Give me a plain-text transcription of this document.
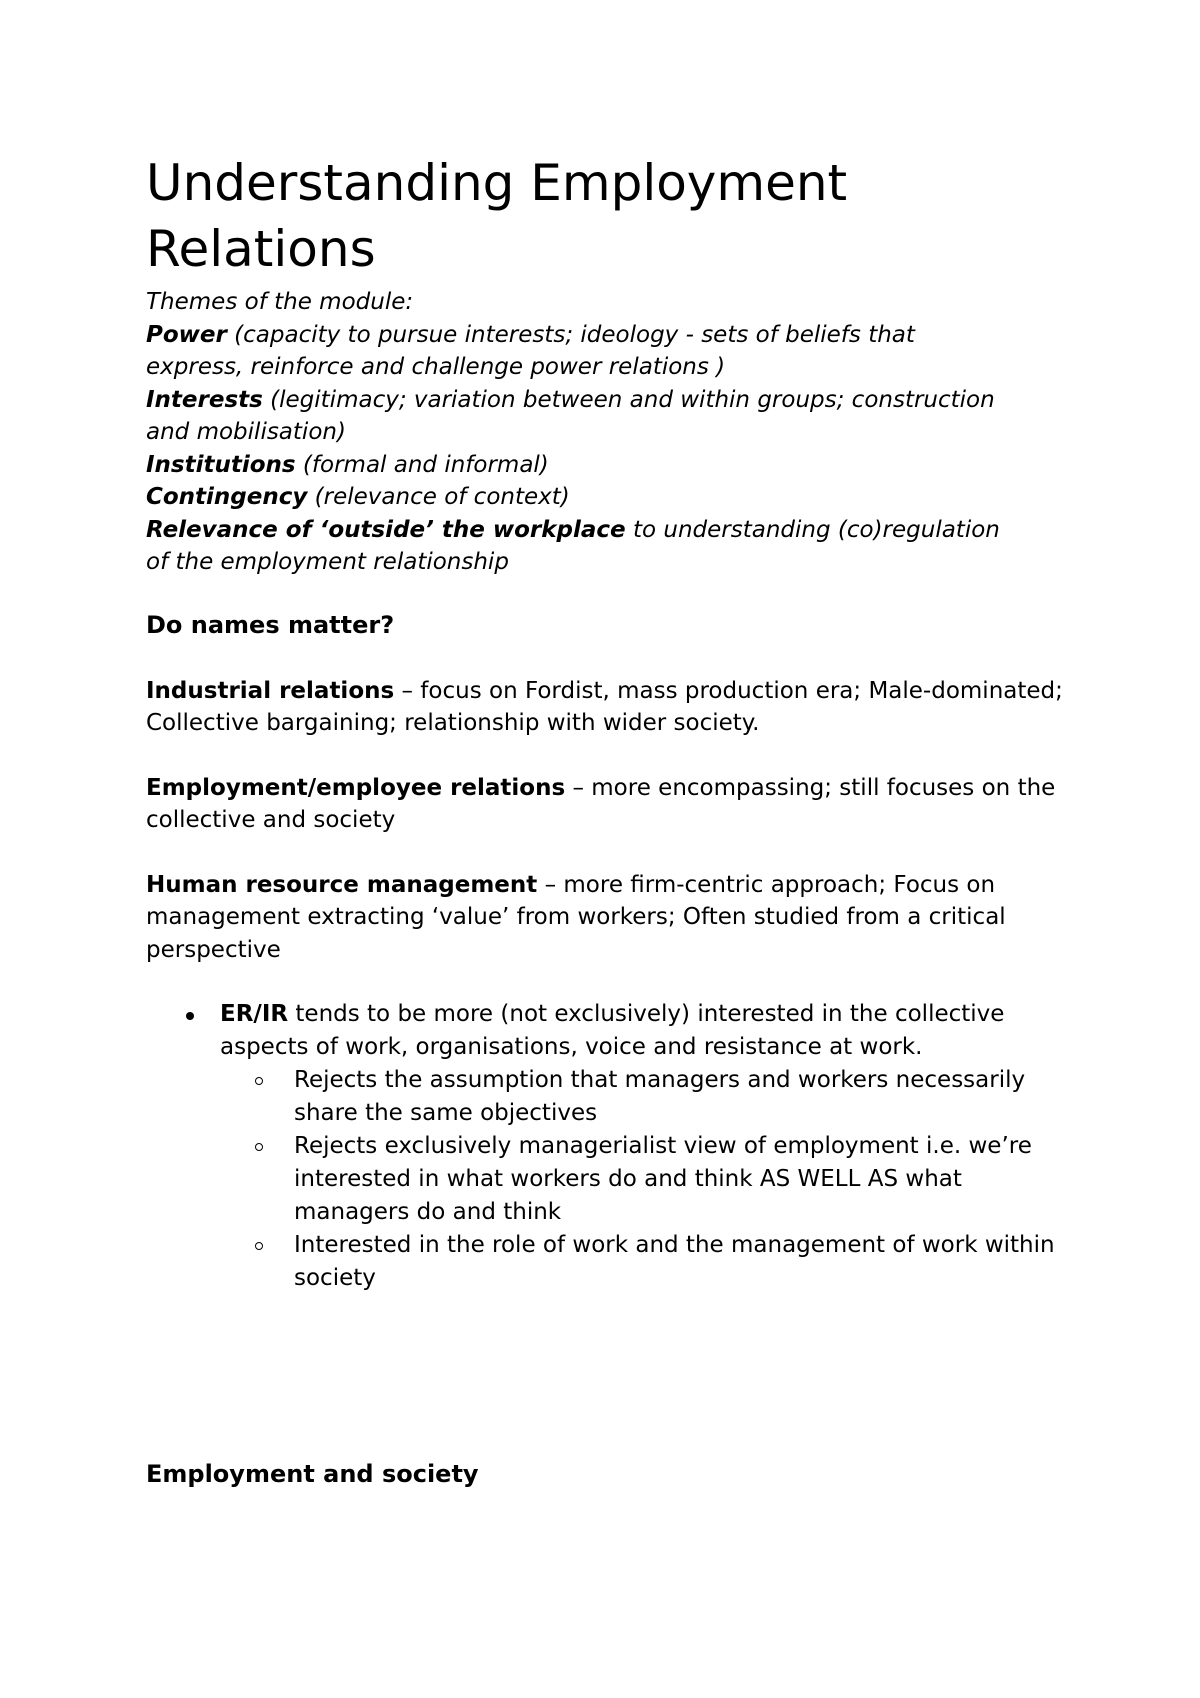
Understanding Employment
Relations
Themes of the module:
Power (capacity to pursue interests; ideology - sets of beliefs that
express, reinforce and challenge power relations )
Interests (legitimacy; variation between and within groups; construction
and mobilisation)
Institutions (formal and informal)
Contingency (relevance of context)
Relevance of ‘outside’ the workplace to understanding (co)regulation
of the employment relationship
Do names matter?

Industrial relations – focus on Fordist, mass production era; Male-dominated; Collective bargaining; relationship with wider society.

Employment/employee relations – more encompassing; still focuses on the collective and society

Human resource management – more firm-centric approach; Focus on management extracting ‘value’ from workers; Often studied from a critical perspective

ER/IR tends to be more (not exclusively) interested in the collective aspects of work, organisations, voice and resistance at work.
Rejects the assumption that managers and workers necessarily share the same objectives
Rejects exclusively managerialist view of employment i.e. we’re interested in what workers do and think AS WELL AS what managers do and think
Interested in the role of work and the management of work within society
Employment and society
